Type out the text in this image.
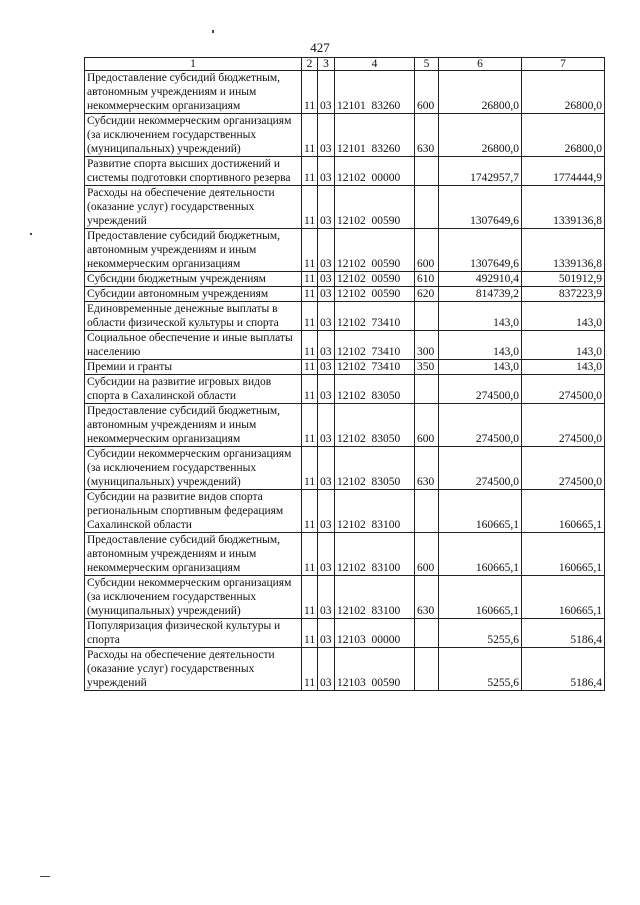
427
1	2	3	4	5	6	7
Предоставление субсидий бюджетным, автономным учреждениям и иным некоммерческим организациям	11	03	12101  83260	600	26800,0	26800,0
Субсидии некоммерческим организациям (за исключением государственных (муниципальных) учреждений)	11	03	12101  83260	630	26800,0	26800,0
Развитие спорта высших достижений и системы подготовки спортивного резерва	11	03	12102  00000		1742957,7	1774444,9
Расходы на обеспечение деятельности (оказание услуг) государственных учреждений	11	03	12102  00590		1307649,6	1339136,8
Предоставление субсидий бюджетным, автономным учреждениям и иным некоммерческим организациям	11	03	12102  00590	600	1307649,6	1339136,8
Субсидии бюджетным учреждениям	11	03	12102  00590	610	492910,4	501912,9
Субсидии автономным учреждениям	11	03	12102  00590	620	814739,2	837223,9
Единовременные денежные выплаты в области физической культуры и спорта	11	03	12102  73410		143,0	143,0
Социальное обеспечение и иные выплаты населению	11	03	12102  73410	300	143,0	143,0
Премии и гранты	11	03	12102  73410	350	143,0	143,0
Субсидии на развитие игровых видов спорта в Сахалинской области	11	03	12102  83050		274500,0	274500,0
Предоставление субсидий бюджетным, автономным учреждениям и иным некоммерческим организациям	11	03	12102  83050	600	274500,0	274500,0
Субсидии некоммерческим организациям (за исключением государственных (муниципальных) учреждений)	11	03	12102  83050	630	274500,0	274500,0
Субсидии на развитие видов спорта региональным спортивным федерациям Сахалинской области	11	03	12102  83100		160665,1	160665,1
Предоставление субсидий бюджетным, автономным учреждениям и иным некоммерческим организациям	11	03	12102  83100	600	160665,1	160665,1
Субсидии некоммерческим организациям (за исключением государственных (муниципальных) учреждений)	11	03	12102  83100	630	160665,1	160665,1
Популяризация физической культуры и спорта	11	03	12103  00000		5255,6	5186,4
Расходы на обеспечение деятельности (оказание услуг) государственных учреждений	11	03	12103  00590		5255,6	5186,4
